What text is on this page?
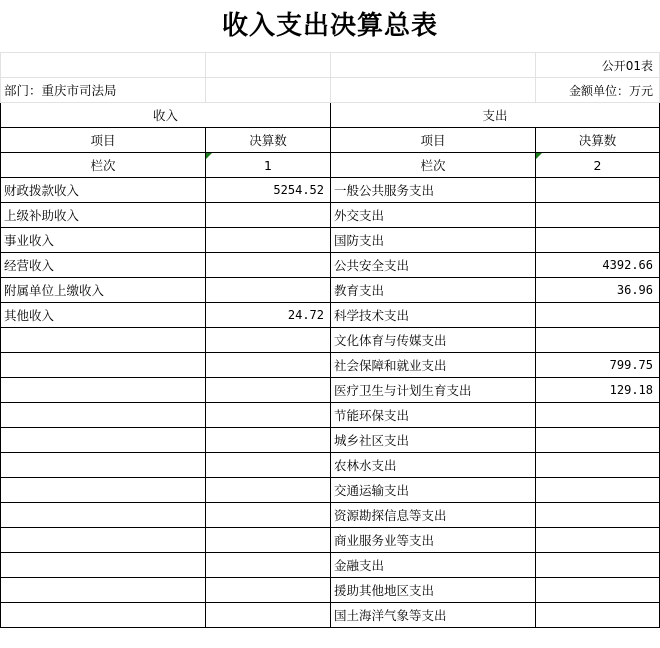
收入支出决算总表
			公开01表
部门：重庆市司法局			金额单位：万元
收入		支出	
项目	决算数	项目	决算数
栏次	1	栏次	2
财政拨款收入	5254.52	一般公共服务支出	
上级补助收入		外交支出	
事业收入		国防支出	
经营收入		公共安全支出	4392.66
附属单位上缴收入		教育支出	36.96
其他收入	24.72	科学技术支出	
		文化体育与传媒支出	
		社会保障和就业支出	799.75
		医疗卫生与计划生育支出	129.18
		节能环保支出	
		城乡社区支出	
		农林水支出	
		交通运输支出	
		资源勘探信息等支出	
		商业服务业等支出	
		金融支出	
		援助其他地区支出	
		国土海洋气象等支出	
